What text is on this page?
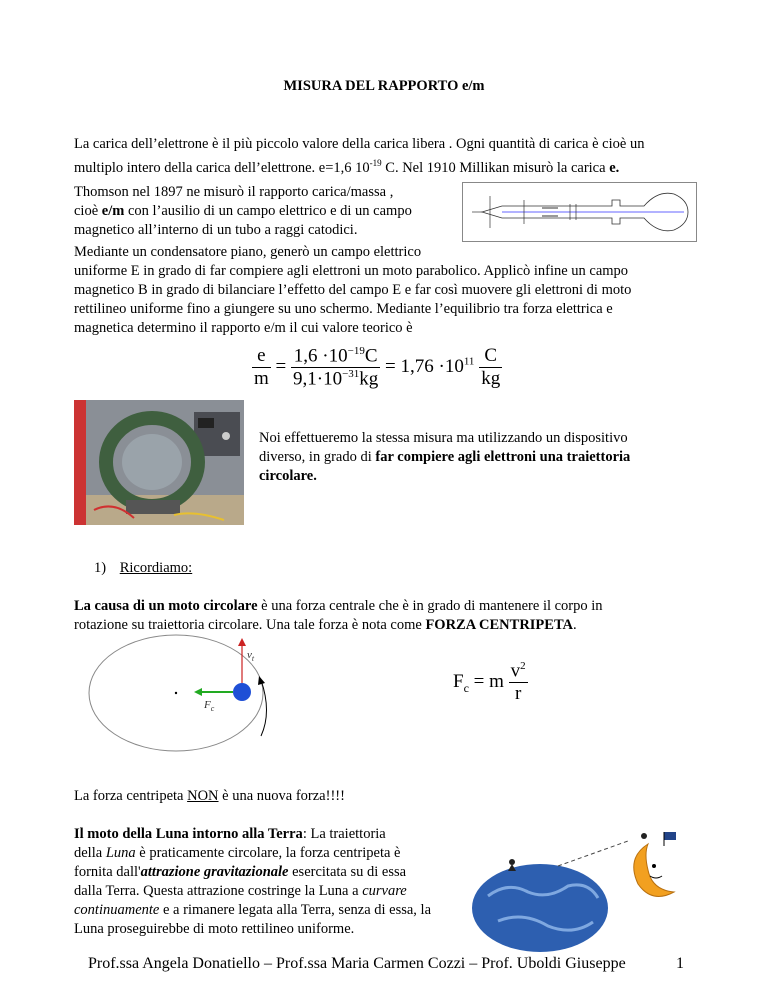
MISURA DEL RAPPORTO e/m
La carica dell’elettrone è il più piccolo valore della carica libera . Ogni quantità di carica è cioè un
multiplo intero della carica dell’elettrone. e=1,6 $10^{-19}$ C. Nel 1910 Millikan misurò la carica e.
Thomson nel 1897 ne misurò il rapporto carica/massa ,
cioè e/m con l’ausilio di un campo elettrico e di un campo
magnetico all’interno di un tubo a raggi catodici.
Mediante un condensatore piano, generò un campo elettrico
uniforme E in grado di far compiere agli elettroni un moto parabolico. Applicò infine un campo
magnetico B in grado di bilanciare l’effetto del campo E e far così muovere gli elettroni di moto
rettilineo uniforme fino a giungere su uno schermo. Mediante l’equilibrio tra forza elettrica e
magnetica determino il rapporto e/m il cui valore teorico è
$\frac{e}{m} = \frac{1,6 \cdot 10^{-19}C}{9,1\cdot 10^{-31}kg} = 1,76 \cdot 10^{11} \frac{C}{kg}$
Noi effettueremo la stessa misura ma utilizzando un dispositivo
diverso, in grado di far compiere agli elettroni una traiettoria
circolare.
1) Ricordiamo:
La causa di un moto circolare è una forza centrale che è in grado di mantenere il corpo in
rotazione su traiettoria circolare. Una tale forza è nota come FORZA CENTRIPETA.
$v_t$
$F_c$
$F_c = m \frac{v^2}{r}$
La forza centripeta NON è una nuova forza!!!!
Il moto della Luna intorno alla Terra: La traiettoria
della Luna è praticamente circolare, la forza centripeta è
fornita dall'attrazione gravitazionale esercitata su di essa
dalla Terra. Questa attrazione costringe la Luna a curvare
continuamente e a rimanere legata alla Terra, senza di essa, la
Luna proseguirebbe di moto rettilineo uniforme.
Prof.ssa Angela Donatiello – Prof.ssa Maria Carmen Cozzi – Prof. Uboldi Giuseppe	1
